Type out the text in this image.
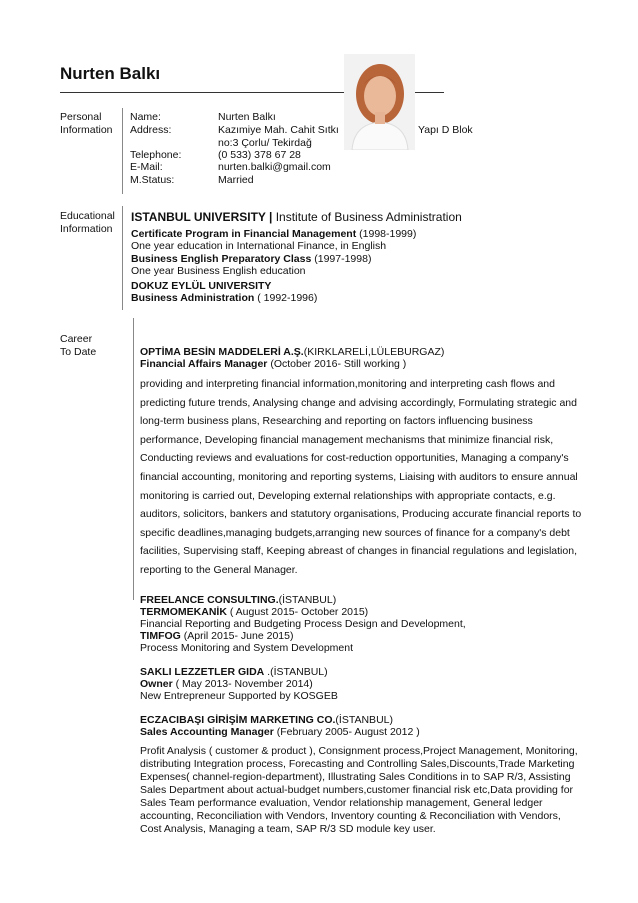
Nurten Balkı
Personal
Information
Name:	Nurten Balkı
Address:	Kazımiye Mah. Cahit Sıtkı	Yapı D Blok
no:3 Çorlu/ Tekirdağ
Telephone:	(0 533) 378 67 28
E-Mail:	nurten.balki@gmail.com
M.Status:	Married
Educational
Information
ISTANBUL UNIVERSITY | Institute of Business Administration
Certificate Program in Financial Management (1998-1999)
One year education in International Finance, in English
Business English Preparatory Class (1997-1998)
One year Business English education
DOKUZ EYLÜL UNIVERSITY
Business Administration ( 1992-1996)
Career
To Date	OPTİMA BESİN MADDELERİ A.Ş.(KIRKLARELİ,LÜLEBURGAZ)
Financial Affairs Manager (October 2016- Still working )
providing and interpreting financial information,monitoring and interpreting cash flows and
predicting future trends, Analysing change and advising accordingly, Formulating strategic and
long-term business plans, Researching and reporting on factors influencing business
performance, Developing financial management mechanisms that minimize financial risk,
Conducting reviews and evaluations for cost-reduction opportunities, Managing a company's
financial accounting, monitoring and reporting systems, Liaising with auditors to ensure annual
monitoring is carried out, Developing external relationships with appropriate contacts, e.g.
auditors, solicitors, bankers and statutory organisations, Producing accurate financial reports to
specific deadlines,managing budgets,arranging new sources of finance for a company's debt
facilities, Supervising staff, Keeping abreast of changes in financial regulations and legislation,
reporting to the General Manager.
FREELANCE CONSULTING.(İSTANBUL)
TERMOMEKANİK ( August 2015- October 2015)
Financial Reporting and Budgeting Process Design and Development,
TIMFOG (April 2015- June 2015)
Process Monitoring and System Development
SAKLI LEZZETLER GIDA .(İSTANBUL)
Owner ( May 2013- November 2014)
New Entrepreneur Supported by KOSGEB
ECZACIBAŞI GİRİŞİM MARKETING CO.(İSTANBUL)
Sales Accounting Manager (February 2005- August 2012 )
Profit Analysis ( customer & product ), Consignment process,Project Management, Monitoring,
distributing Integration process, Forecasting and Controlling Sales,Discounts,Trade Marketing
Expenses( channel-region-department), Illustrating Sales Conditions in to SAP R/3, Assisting
Sales Department about actual-budget numbers,customer financial risk etc,Data providing for
Sales Team performance evaluation, Vendor relationship management, General ledger
accounting, Reconciliation with Vendors, Inventory counting & Reconciliation with Vendors,
Cost Analysis, Managing a team, SAP R/3 SD module key user.
